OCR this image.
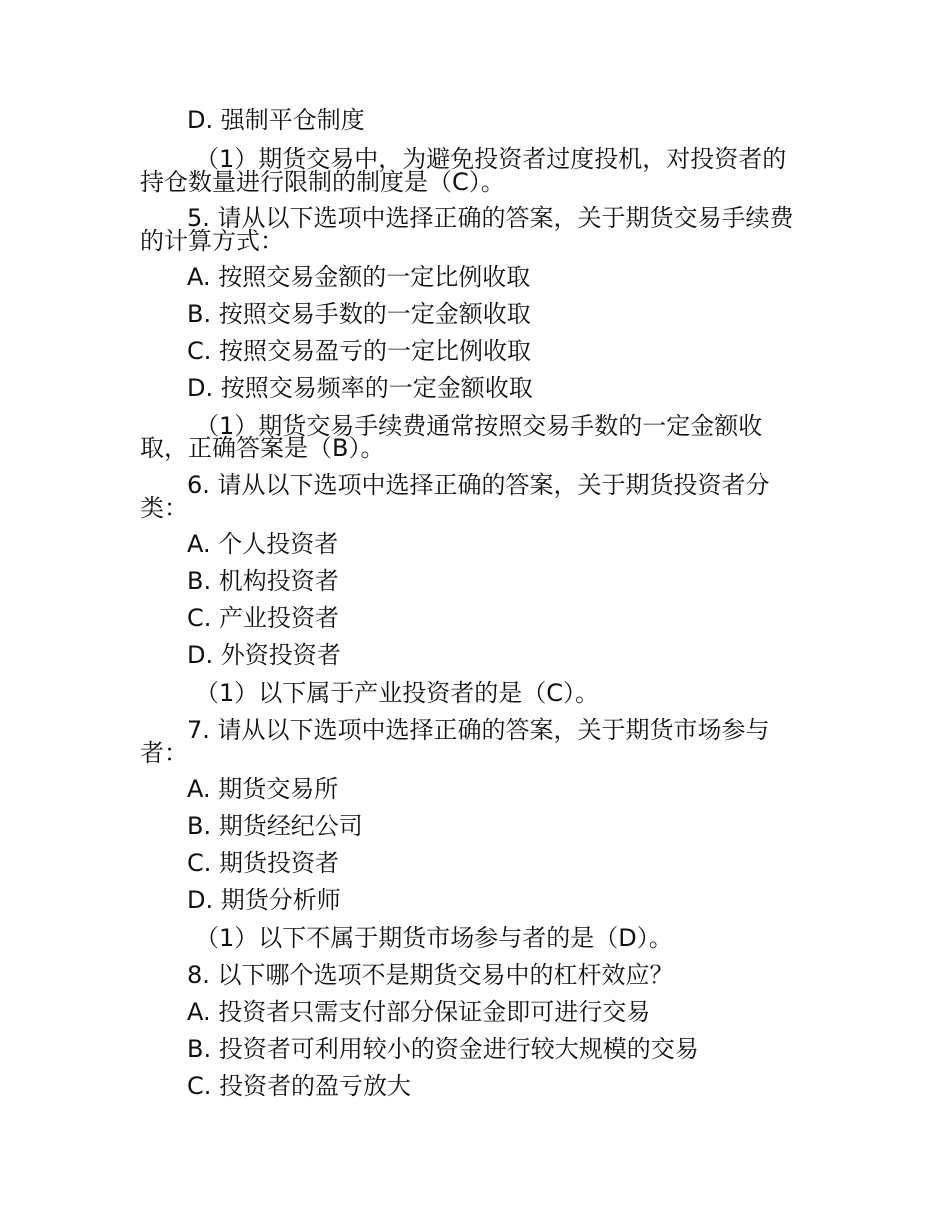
D. 强制平仓制度

（1）期货交易中，为避免投资者过度投机，对投资者的

持仓数量进行限制的制度是（C）。

5. 请从以下选项中选择正确的答案，关于期货交易手续费

的计算方式：

A. 按照交易金额的一定比例收取

B. 按照交易手数的一定金额收取

C. 按照交易盈亏的一定比例收取

D. 按照交易频率的一定金额收取

（1）期货交易手续费通常按照交易手数的一定金额收

取，正确答案是（B）。

6. 请从以下选项中选择正确的答案，关于期货投资者分

类：

A. 个人投资者

B. 机构投资者

C. 产业投资者

D. 外资投资者

（1）以下属于产业投资者的是（C）。

7. 请从以下选项中选择正确的答案，关于期货市场参与

者：

A. 期货交易所

B. 期货经纪公司

C. 期货投资者

D. 期货分析师

（1）以下不属于期货市场参与者的是（D）。

8. 以下哪个选项不是期货交易中的杠杆效应？

A. 投资者只需支付部分保证金即可进行交易

B. 投资者可利用较小的资金进行较大规模的交易

C. 投资者的盈亏放大
